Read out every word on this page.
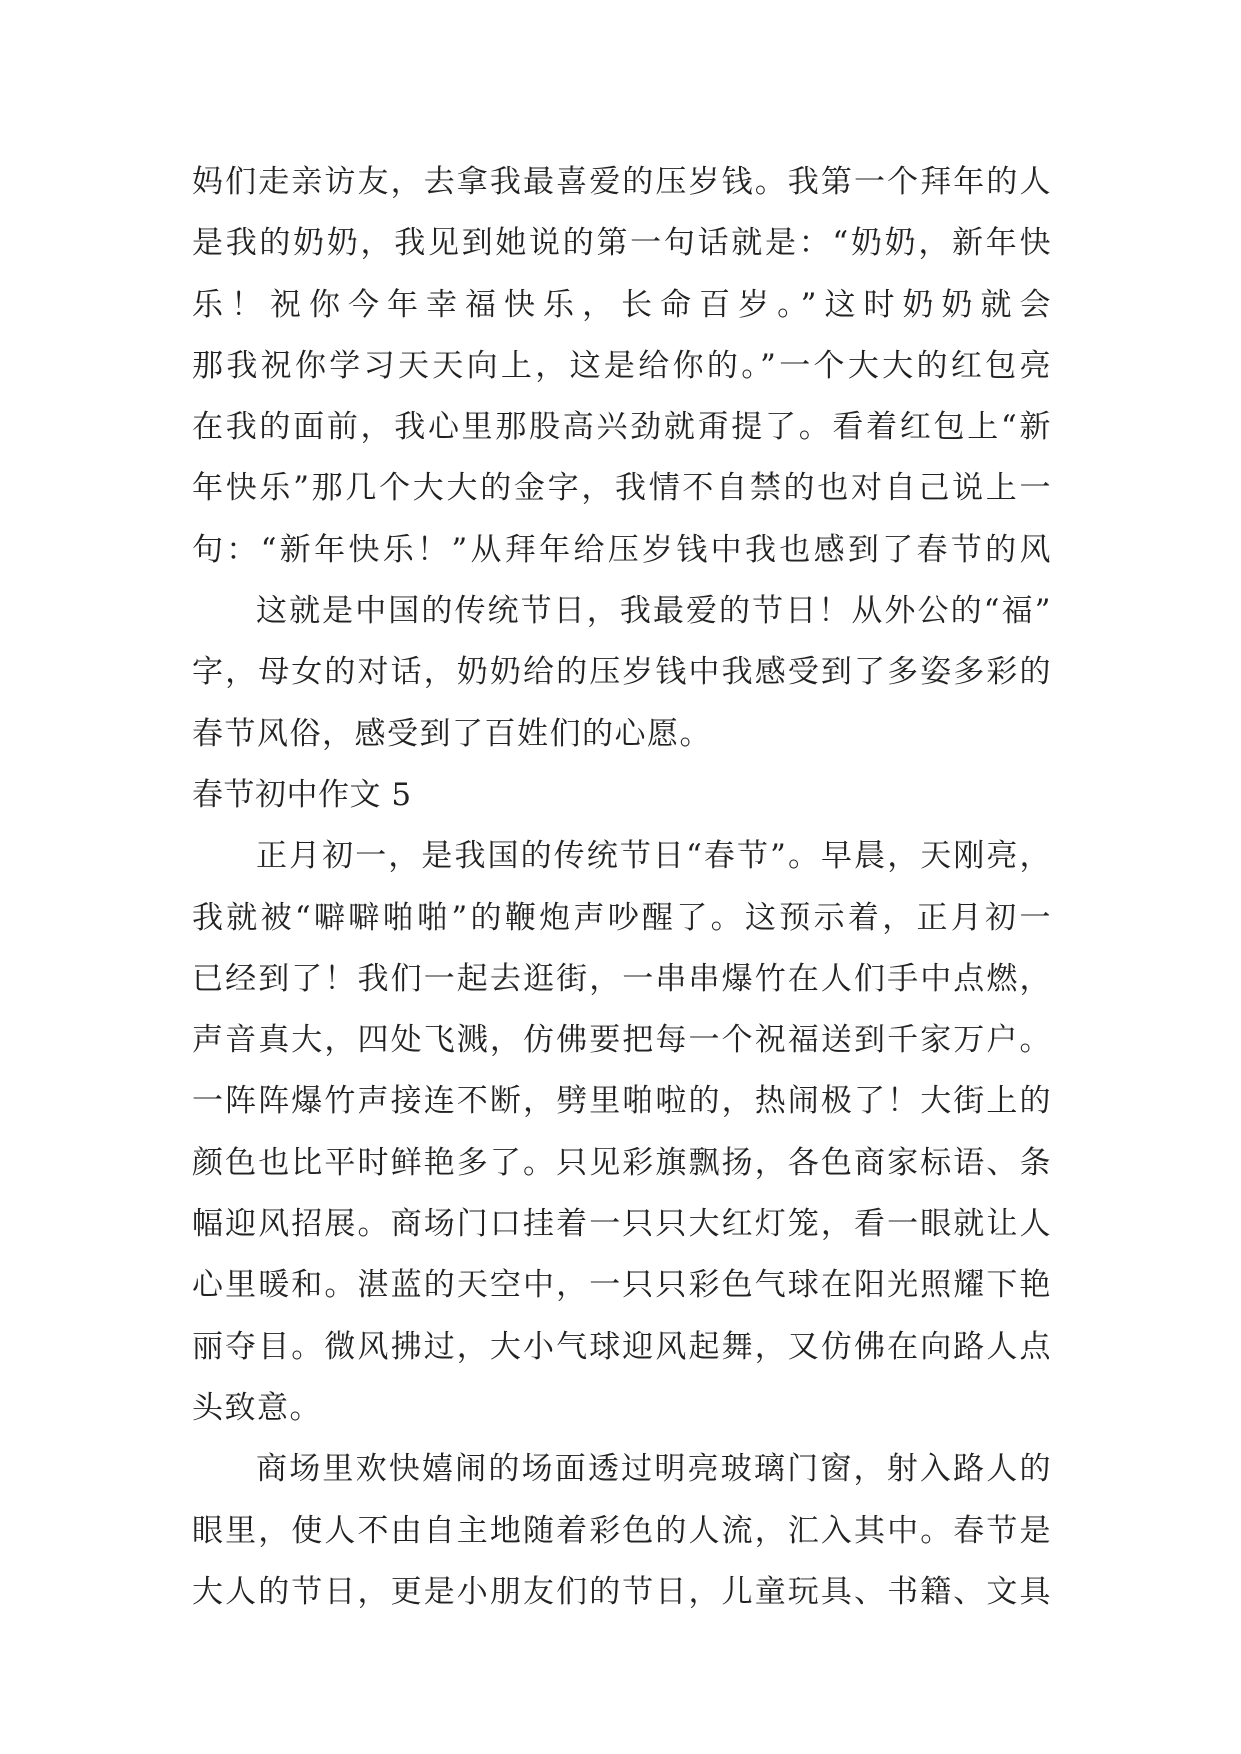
妈们走亲访友，去拿我最喜爱的压岁钱。我第一个拜年的人
是我的奶奶，我见到她说的第一句话就是：“奶奶，新年快
乐！祝你今年幸福快乐，长命百岁。”这时奶奶就会
那我祝你学习天天向上，这是给你的。”一个大大的红包亮
在我的面前，我心里那股高兴劲就甭提了。看着红包上“新
年快乐”那几个大大的金字，我情不自禁的也对自己说上一
句：“新年快乐！”从拜年给压岁钱中我也感到了春节的风
这就是中国的传统节日，我最爱的节日！从外公的“福”
字，母女的对话，奶奶给的压岁钱中我感受到了多姿多彩的
春节风俗，感受到了百姓们的心愿。
春节初中作文 5
正月初一，是我国的传统节日“春节”。早晨，天刚亮，
我就被“噼噼啪啪”的鞭炮声吵醒了。这预示着，正月初一
已经到了！我们一起去逛街，一串串爆竹在人们手中点燃，
声音真大，四处飞溅，仿佛要把每一个祝福送到千家万户。
一阵阵爆竹声接连不断，劈里啪啦的，热闹极了！大街上的
颜色也比平时鲜艳多了。只见彩旗飘扬，各色商家标语、条
幅迎风招展。商场门口挂着一只只大红灯笼，看一眼就让人
心里暖和。湛蓝的天空中，一只只彩色气球在阳光照耀下艳
丽夺目。微风拂过，大小气球迎风起舞，又仿佛在向路人点
头致意。
商场里欢快嬉闹的场面透过明亮玻璃门窗，射入路人的
眼里，使人不由自主地随着彩色的人流，汇入其中。春节是
大人的节日，更是小朋友们的节日，儿童玩具、书籍、文具
